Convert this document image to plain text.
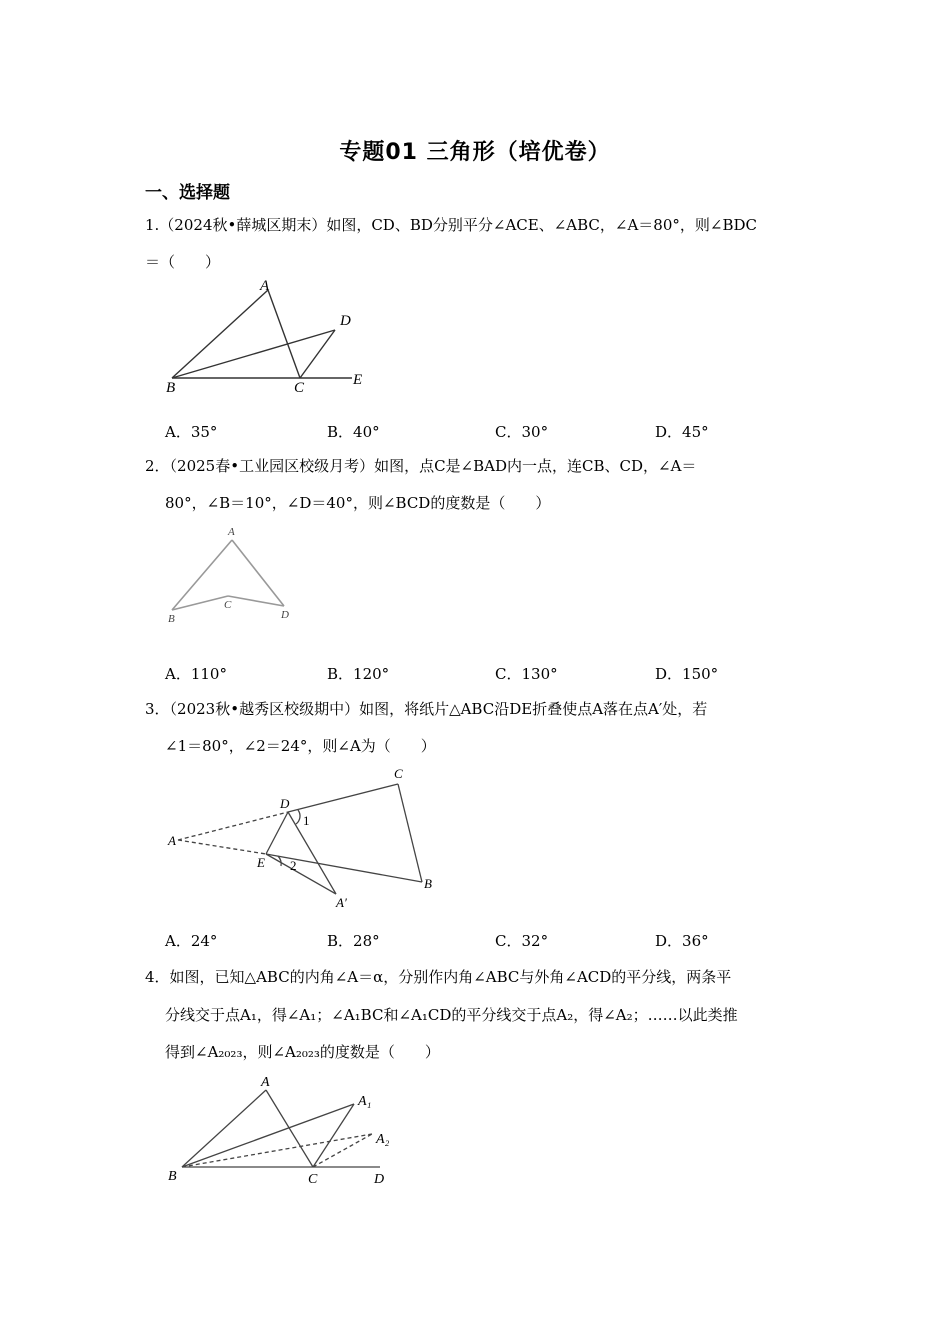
专题01 三角形（培优卷）
一、选择题
1.（2024秋•薛城区期末）如图，CD、BD分别平分∠ACE、∠ABC，∠A＝80°，则∠BDC
＝（　　）
A
B	C
D
E
A．35°	B．40°	C．30°	D．45°
2．（2025春•工业园区校级月考）如图，点C是∠BAD内一点，连CB、CD，∠A＝
80°，∠B＝10°，∠D＝40°，则∠BCD的度数是（　　）
A
B
C
D
A．110°	B．120°	C．130°	D．150°
3．（2023秋•越秀区校级期中）如图，将纸片△ABC沿DE折叠使点A落在点A′处，若
∠1＝80°，∠2＝24°，则∠A为（　　）
A
B
C
D
E
A′
1
2
A．24°	B．28°	C．32°	D．36°
4．如图，已知△ABC的内角∠A＝α，分别作内角∠ABC与外角∠ACD的平分线，两条平
分线交于点A₁，得∠A₁；∠A₁BC和∠A₁CD的平分线交于点A₂，得∠A₂；……以此类推
得到∠A₂₀₂₃，则∠A₂₀₂₃的度数是（　　）
A
B	C	D
A₁
A₂
